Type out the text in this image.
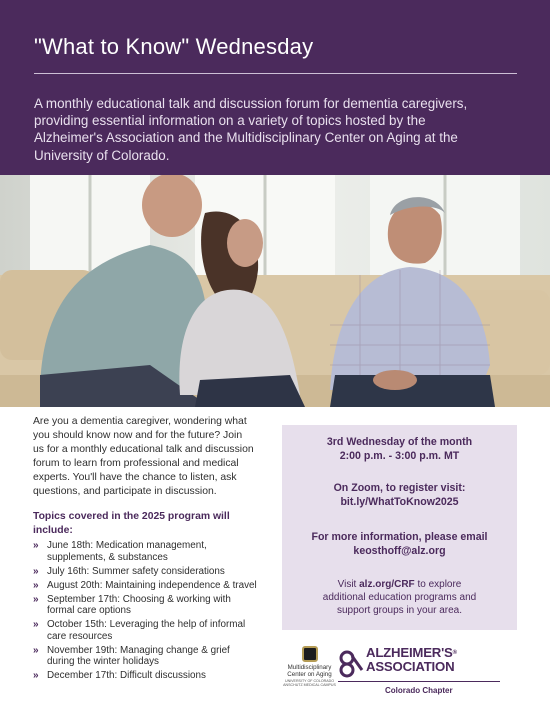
"What to Know" Wednesday
A monthly educational talk and discussion forum for dementia caregivers,
providing essential information on a variety of topics hosted by the
Alzheimer's Association and the Multidisciplinary Center on Aging at the
University of Colorado.
Are you a dementia caregiver, wondering what
you should know now and for the future? Join
us for a monthly educational talk and discussion
forum to learn from professional and medical
experts. You'll have the chance to listen, ask
questions, and participate in discussion.
Topics covered in the 2025 program will
include:
» June 18th: Medication management,
supplements, & substances
» July 16th: Summer safety considerations
» August 20th: Maintaining independence & travel
» September 17th: Choosing & working with
formal care options
» October 15th: Leveraging the help of informal
care resources
» November 19th: Managing change & grief
during the winter holidays
» December 17th: Difficult discussions
3rd Wednesday of the month
2:00 p.m. - 3:00 p.m. MT
On Zoom, to register visit:
bit.ly/WhatToKnow2025
For more information, please email
keosthoff@alz.org
Visit alz.org/CRF to explore
additional education programs and
support groups in your area.
Multidisciplinary
Center on Aging
UNIVERSITY OF COLORADO
ANSCHUTZ MEDICAL CAMPUS
ALZHEIMER'S®
ASSOCIATION
Colorado Chapter
